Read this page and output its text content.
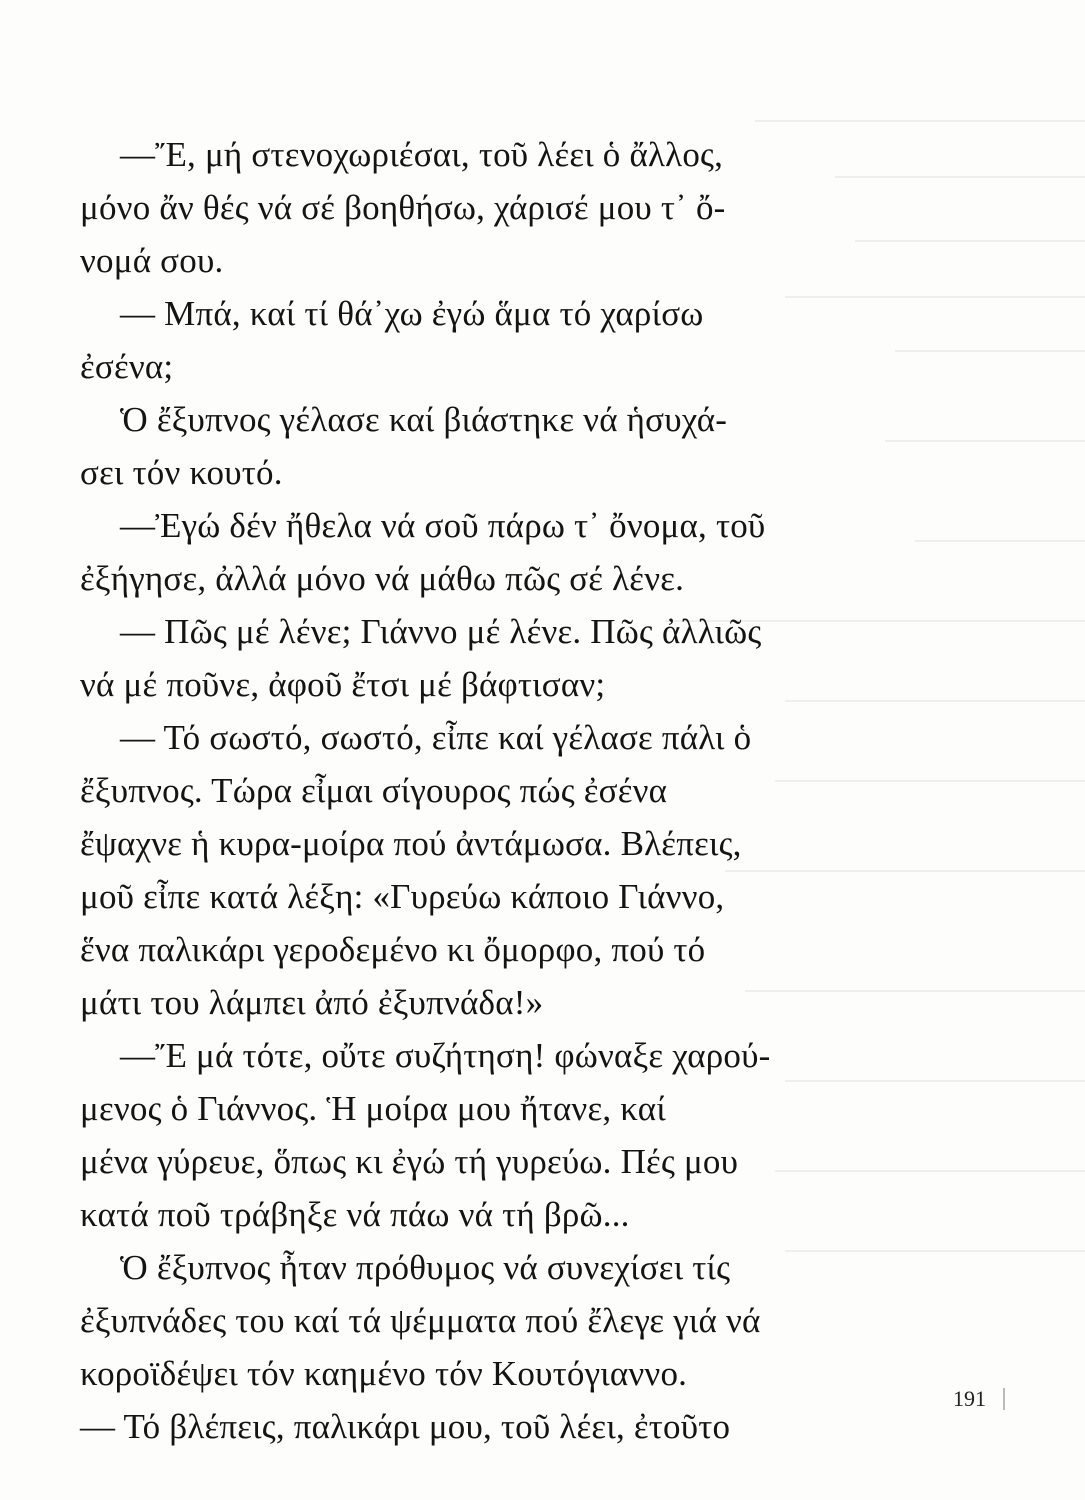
—Ἔ, μή στενοχωριέσαι, τοῦ λέει ὁ ἄλλος,
μόνο ἄν θές νά σέ βοηθήσω, χάρισέ μου τ᾽ ὄ-
νομά σου.
— Μπά, καί τί θά᾽χω ἐγώ ἅμα τό χαρίσω
ἐσένα;
Ὁ ἔξυπνος γέλασε καί βιάστηκε νά ἡσυχά-
σει τόν κουτό.
—Ἐγώ δέν ἤθελα νά σοῦ πάρω τ᾽ ὄνομα, τοῦ
ἐξήγησε, ἀλλά μόνο νά μάθω πῶς σέ λένε.
— Πῶς μέ λένε; Γιάννο μέ λένε. Πῶς ἀλλιῶς
νά μέ ποῦνε, ἀφοῦ ἔτσι μέ βάφτισαν;
— Τό σωστό, σωστό, εἶπε καί γέλασε πάλι ὁ
ἔξυπνος. Τώρα εἶμαι σίγουρος πώς ἐσένα
ἔψαχνε ἡ κυρα-μοίρα πού ἀντάμωσα. Βλέπεις,
μοῦ εἶπε κατά λέξη: «Γυρεύω κάποιο Γιάννο,
ἕνα παλικάρι γεροδεμένο κι ὄμορφο, πού τό
μάτι του λάμπει ἀπό ἐξυπνάδα!»
—Ἔ μά τότε, οὔτε συζήτηση! φώναξε χαρού-
μενος ὁ Γιάννος. Ἡ μοίρα μου ἤτανε, καί
μένα γύρευε, ὅπως κι ἐγώ τή γυρεύω. Πές μου
κατά ποῦ τράβηξε νά πάω νά τή βρῶ...
Ὁ ἔξυπνος ἦταν πρόθυμος νά συνεχίσει τίς
ἐξυπνάδες του καί τά ψέμματα πού ἔλεγε γιά νά
κοροϊδέψει τόν καημένο τόν Κουτόγιαννο.
— Τό βλέπεις, παλικάρι μου, τοῦ λέει, ἐτοῦτο
191
